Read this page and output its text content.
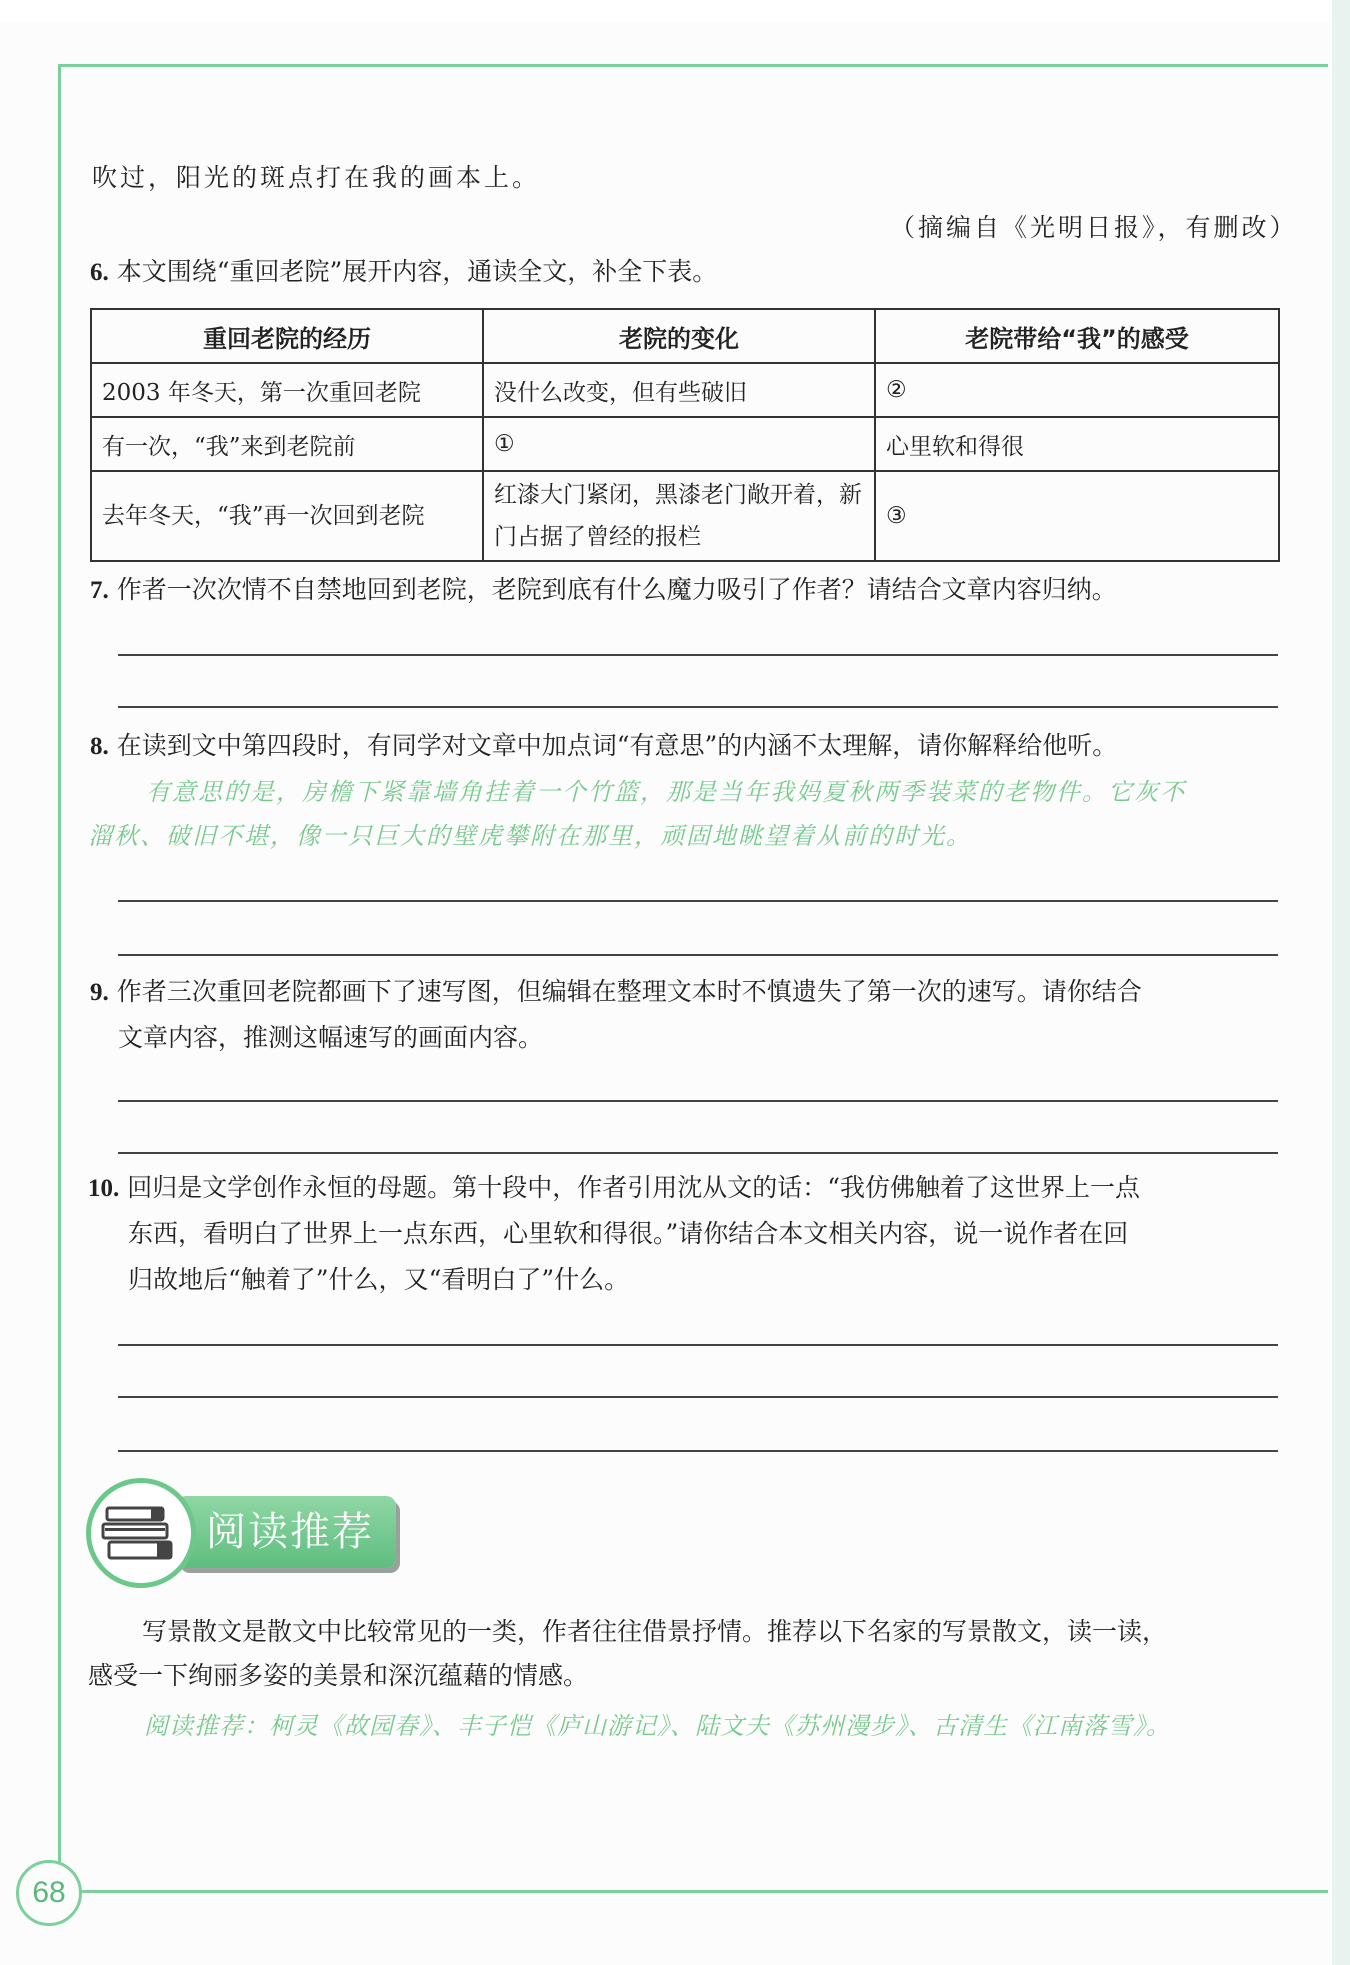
吹过，阳光的斑点打在我的画本上。
（摘编自《光明日报》，有删改）
6. 本文围绕“重回老院”展开内容，通读全文，补全下表。
重回老院的经历	老院的变化	老院带给“我”的感受
2003 年冬天，第一次重回老院	没什么改变，但有些破旧	②
有一次，“我”来到老院前	①	心里软和得很
去年冬天，“我”再一次回到老院	红漆大门紧闭，黑漆老门敞开着，新门占据了曾经的报栏	③
7. 作者一次次情不自禁地回到老院，老院到底有什么魔力吸引了作者？请结合文章内容归纳。
8. 在读到文中第四段时，有同学对文章中加点词“有意思”的内涵不太理解，请你解释给他听。
有意思的是，房檐下紧靠墙角挂着一个竹篮，那是当年我妈夏秋两季装菜的老物件。它灰不
溜秋、破旧不堪，像一只巨大的壁虎攀附在那里，顽固地眺望着从前的时光。
9. 作者三次重回老院都画下了速写图，但编辑在整理文本时不慎遗失了第一次的速写。请你结合
文章内容，推测这幅速写的画面内容。
10. 回归是文学创作永恒的母题。第十段中，作者引用沈从文的话：“我仿佛触着了这世界上一点
东西，看明白了世界上一点东西，心里软和得很。”请你结合本文相关内容，说一说作者在回
归故地后“触着了”什么，又“看明白了”什么。
阅读推荐
写景散文是散文中比较常见的一类，作者往往借景抒情。推荐以下名家的写景散文，读一读，
感受一下绚丽多姿的美景和深沉蕴藉的情感。
阅读推荐：柯灵《故园春》、丰子恺《庐山游记》、陆文夫《苏州漫步》、古清生《江南落雪》。
68
